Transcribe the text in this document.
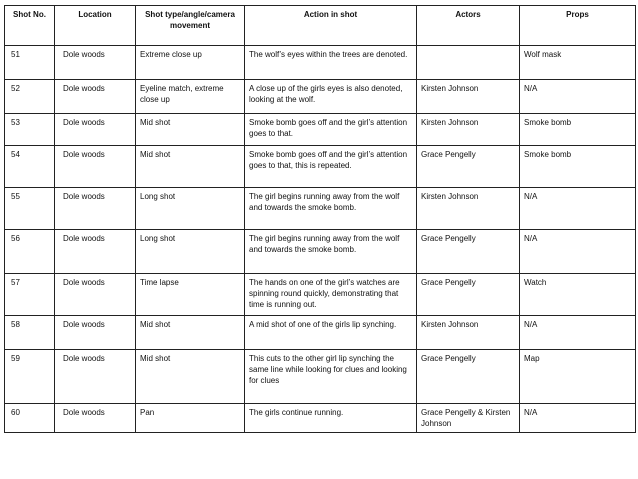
Shot No.	Location	Shot type/angle/camera movement	Action in shot	Actors	Props
51	Dole woods	Extreme close up	The wolf’s eyes within the trees are denoted.		Wolf mask
52	Dole woods	Eyeline match, extreme close up	A close up of the girls eyes is also denoted, looking at the wolf.	Kirsten Johnson	N/A
53	Dole woods	Mid shot	Smoke bomb goes off and the girl’s attention goes to that.	Kirsten Johnson	Smoke bomb
54	Dole woods	Mid shot	Smoke bomb goes off and the girl’s attention goes to that, this is repeated.	Grace Pengelly	Smoke bomb
55	Dole woods	Long shot	The girl begins running away from the wolf and towards the smoke bomb.	Kirsten Johnson	N/A
56	Dole woods	Long shot	The girl begins running away from the wolf and towards the smoke bomb.	Grace Pengelly	N/A
57	Dole woods	Time lapse	The hands on one of the girl’s watches are spinning round quickly, demonstrating that time is running out.	Grace Pengelly	Watch
58	Dole woods	Mid shot	A mid shot of one of the girls lip synching.	Kirsten Johnson	N/A
59	Dole woods	Mid shot	This cuts to the other girl lip synching the same line while looking for clues and looking for clues	Grace Pengelly	Map
60	Dole woods	Pan	The girls continue running.	Grace Pengelly & Kirsten Johnson	N/A
